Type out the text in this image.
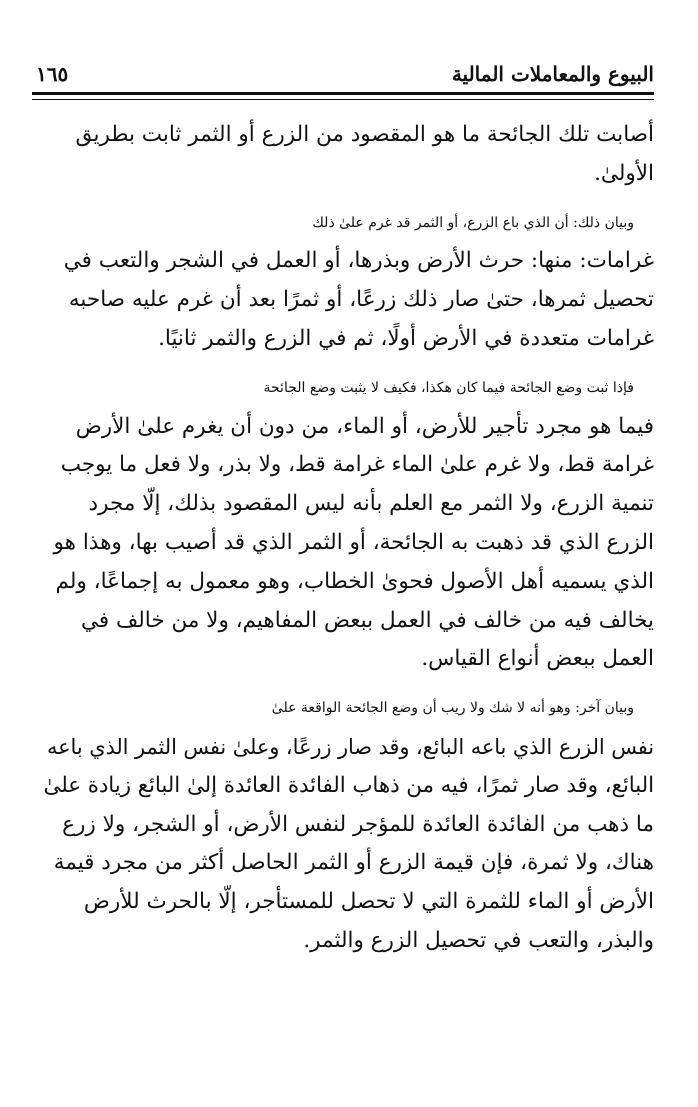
البيوع والمعاملات المالية
١٦٥

أصابت تلك الجائحة ما هو المقصود من الزرع أو الثمر ثابت بطريق
الأولىٰ.

وبيان ذلك: أن الذي باع الزرع، أو الثمر قد غرم علىٰ ذلك
غرامات: منها: حرث الأرض وبذرها، أو العمل في الشجر والتعب في
تحصيل ثمرها، حتىٰ صار ذلك زرعًا، أو ثمرًا بعد أن غرم عليه صاحبه
غرامات متعددة في الأرض أولًا، ثم في الزرع والثمر ثانيًا.

فإذا ثبت وضع الجائحة فيما كان هكذا، فكيف لا يثبت وضع الجائحة
فيما هو مجرد تأجير للأرض، أو الماء، من دون أن يغرم علىٰ الأرض
غرامة قط، ولا غرم علىٰ الماء غرامة قط، ولا بذر، ولا فعل ما يوجب
تنمية الزرع، ولا الثمر مع العلم بأنه ليس المقصود بذلك، إلّا مجرد
الزرع الذي قد ذهبت به الجائحة، أو الثمر الذي قد أصيب بها، وهذا هو
الذي يسميه أهل الأصول فحوىٰ الخطاب، وهو معمول به إجماعًا، ولم
يخالف فيه من خالف في العمل ببعض المفاهيم، ولا من خالف في
العمل ببعض أنواع القياس.

وبيان آخر: وهو أنه لا شك ولا ريب أن وضع الجائحة الواقعة علىٰ
نفس الزرع الذي باعه البائع، وقد صار زرعًا، وعلىٰ نفس الثمر الذي باعه
البائع، وقد صار ثمرًا، فيه من ذهاب الفائدة العائدة إلىٰ البائع زيادة علىٰ
ما ذهب من الفائدة العائدة للمؤجر لنفس الأرض، أو الشجر، ولا زرع
هناك، ولا ثمرة، فإن قيمة الزرع أو الثمر الحاصل أكثر من مجرد قيمة
الأرض أو الماء للثمرة التي لا تحصل للمستأجر، إلّا بالحرث للأرض
والبذر، والتعب في تحصيل الزرع والثمر.
